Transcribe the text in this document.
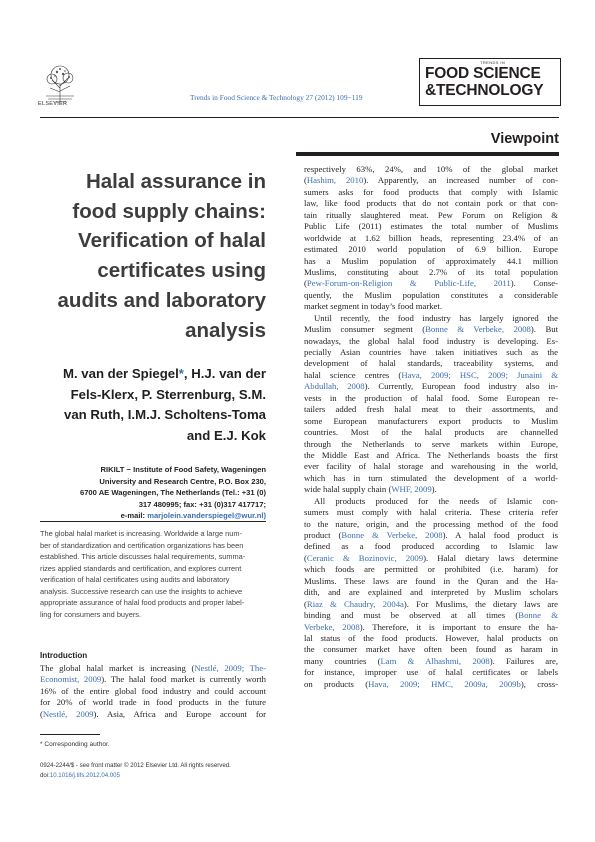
ELSEVIER
Trends in Food Science & Technology 27 (2012) 109−119
TRENDS IN
FOOD SCIENCE
&TECHNOLOGY
Viewpoint
Halal assurance in
food supply chains:
Verification of halal
certificates using
audits and laboratory
analysis
M. van der Spiegel*, H.J. van der
Fels-Klerx, P. Sterrenburg, S.M.
van Ruth, I.M.J. Scholtens-Toma
and E.J. Kok
RIKILT − Institute of Food Safety, Wageningen
University and Research Centre, P.O. Box 230,
6700 AE Wageningen, The Netherlands (Tel.: +31 (0)
317 480995; fax: +31 (0)317 417717;
e-mail: marjolein.vanderspiegel@wur.nl)
The global halal market is increasing. Worldwide a large num-
ber of standardization and certification organizations has been
established. This article discusses halal requirements, summa-
rizes applied standards and certification, and explores current
verification of halal certificates using audits and laboratory
analysis. Successive research can use the insights to achieve
appropriate assurance of halal food products and proper label-
ling for consumers and buyers.
Introduction
The global halal market is increasing (Nestlé, 2009; The-
Economist, 2009). The halal food market is currently worth
16% of the entire global food industry and could account
for 20% of world trade in food products in the future
(Nestlé, 2009). Asia, Africa and Europe account for
* Corresponding author.
0924-2244/$ - see front matter © 2012 Elsevier Ltd. All rights reserved.
doi:10.1016/j.tifs.2012.04.005
respectively 63%, 24%, and 10% of the global market
(Hashim, 2010). Apparently, an increased number of con-
sumers asks for food products that comply with Islamic
law, like food products that do not contain pork or that con-
tain ritually slaughtered meat. Pew Forum on Religion &
Public Life (2011) estimates the total number of Muslims
worldwide at 1.62 billion heads, representing 23.4% of an
estimated 2010 world population of 6.9 billion. Europe
has a Muslim population of approximately 44.1 million
Muslims, constituting about 2.7% of its total population
(Pew-Forum-on-Religion & Public-Life, 2011). Conse-
quently, the Muslim population constitutes a considerable
market segment in today’s food market.
Until recently, the food industry has largely ignored the
Muslim consumer segment (Bonne & Verbeke, 2008). But
nowadays, the global halal food industry is developing. Es-
pecially Asian countries have taken initiatives such as the
development of halal standards, traceability systems, and
halal science centres (Hava, 2009; HSC, 2009; Junaini &
Abdullah, 2008). Currently, European food industry also in-
vests in the production of halal food. Some European re-
tailers added fresh halal meat to their assortments, and
some European manufacturers export products to Muslim
countries. Most of the halal products are channelled
through the Netherlands to serve markets within Europe,
the Middle East and Africa. The Netherlands boasts the first
ever facility of halal storage and warehousing in the world,
which has in turn stimulated the development of a world-
wide halal supply chain (WHF, 2009).
All products produced for the needs of Islamic con-
sumers must comply with halal criteria. These criteria refer
to the nature, origin, and the processing method of the food
product (Bonne & Verbeke, 2008). A halal food product is
defined as a food produced according to Islamic law
(Ceranic & Bozinovic, 2009). Halal dietary laws determine
which foods are permitted or prohibited (i.e. haram) for
Muslims. These laws are found in the Quran and the Ha-
dith, and are explained and interpreted by Muslim scholars
(Riaz & Chaudry, 2004a). For Muslims, the dietary laws are
binding and must be observed at all times (Bonne &
Verbeke, 2008). Therefore, it is important to ensure the ha-
lal status of the food products. However, halal products on
the consumer market have often been found as haram in
many countries (Lam & Alhashmi, 2008). Failures are,
for instance, improper use of halal certificates or labels
on products (Hava, 2009; HMC, 2009a, 2009b), cross-
